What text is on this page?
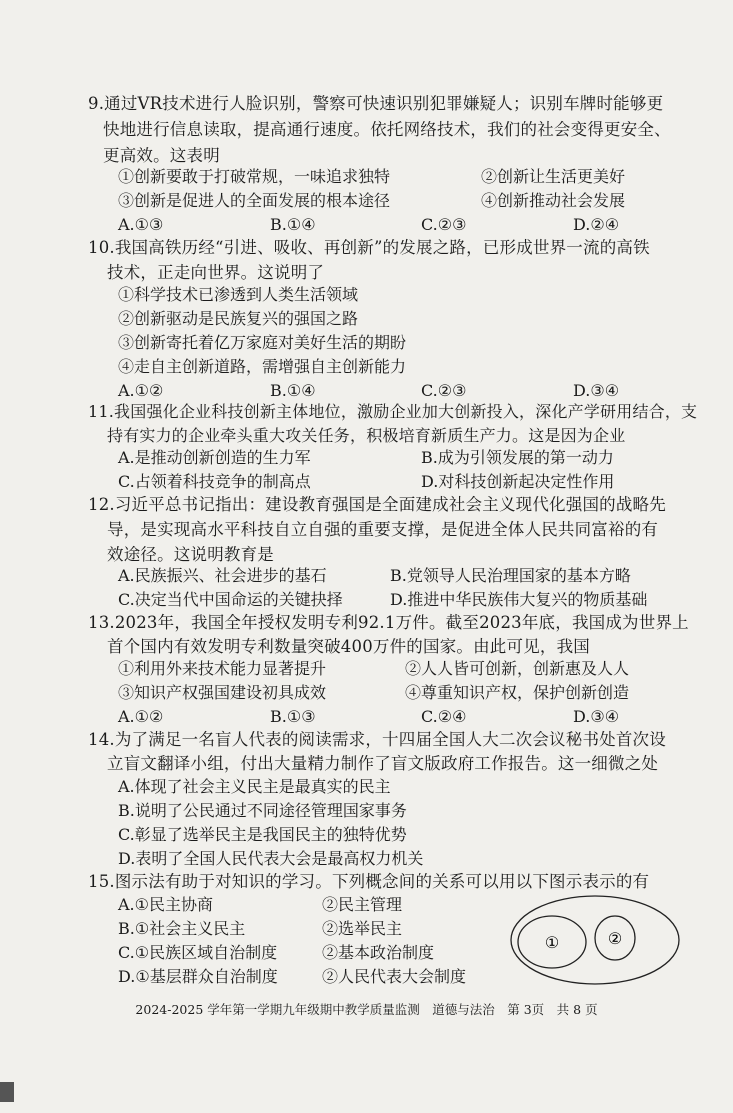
9.通过VR技术进行人脸识别，警察可快速识别犯罪嫌疑人；识别车牌时能够更
快地进行信息读取，提高通行速度。依托网络技术，我们的社会变得更安全、
更高效。这表明
①创新要敢于打破常规，一味追求独特	②创新让生活更美好
③创新是促进人的全面发展的根本途径	④创新推动社会发展
A.①③	B.①④	C.②③	D.②④
10.我国高铁历经“引进、吸收、再创新”的发展之路，已形成世界一流的高铁
技术，正走向世界。这说明了
①科学技术已渗透到人类生活领域
②创新驱动是民族复兴的强国之路
③创新寄托着亿万家庭对美好生活的期盼
④走自主创新道路，需增强自主创新能力
A.①②	B.①④	C.②③	D.③④
11.我国强化企业科技创新主体地位，激励企业加大创新投入，深化产学研用结合，支
持有实力的企业牵头重大攻关任务，积极培育新质生产力。这是因为企业
A.是推动创新创造的生力军	B.成为引领发展的第一动力
C.占领着科技竞争的制高点	D.对科技创新起决定性作用
12.习近平总书记指出：建设教育强国是全面建成社会主义现代化强国的战略先
导，是实现高水平科技自立自强的重要支撑，是促进全体人民共同富裕的有
效途径。这说明教育是
A.民族振兴、社会进步的基石	B.党领导人民治理国家的基本方略
C.决定当代中国命运的关键抉择	D.推进中华民族伟大复兴的物质基础
13.2023年，我国全年授权发明专利92.1万件。截至2023年底，我国成为世界上
首个国内有效发明专利数量突破400万件的国家。由此可见，我国
①利用外来技术能力显著提升	②人人皆可创新，创新惠及人人
③知识产权强国建设初具成效	④尊重知识产权，保护创新创造
A.①②	B.①③	C.②④	D.③④
14.为了满足一名盲人代表的阅读需求，十四届全国人大二次会议秘书处首次设
立盲文翻译小组，付出大量精力制作了盲文版政府工作报告。这一细微之处
A.体现了社会主义民主是最真实的民主
B.说明了公民通过不同途径管理国家事务
C.彰显了选举民主是我国民主的独特优势
D.表明了全国人民代表大会是最高权力机关
15.图示法有助于对知识的学习。下列概念间的关系可以用以下图示表示的有
A.①民主协商	②民主管理
B.①社会主义民主	②选举民主
C.①民族区域自治制度	②基本政治制度
D.①基层群众自治制度	②人民代表大会制度
①	②
2024-2025 学年第一学期九年级期中教学质量监测　道德与法治　第 3页　共 8 页
